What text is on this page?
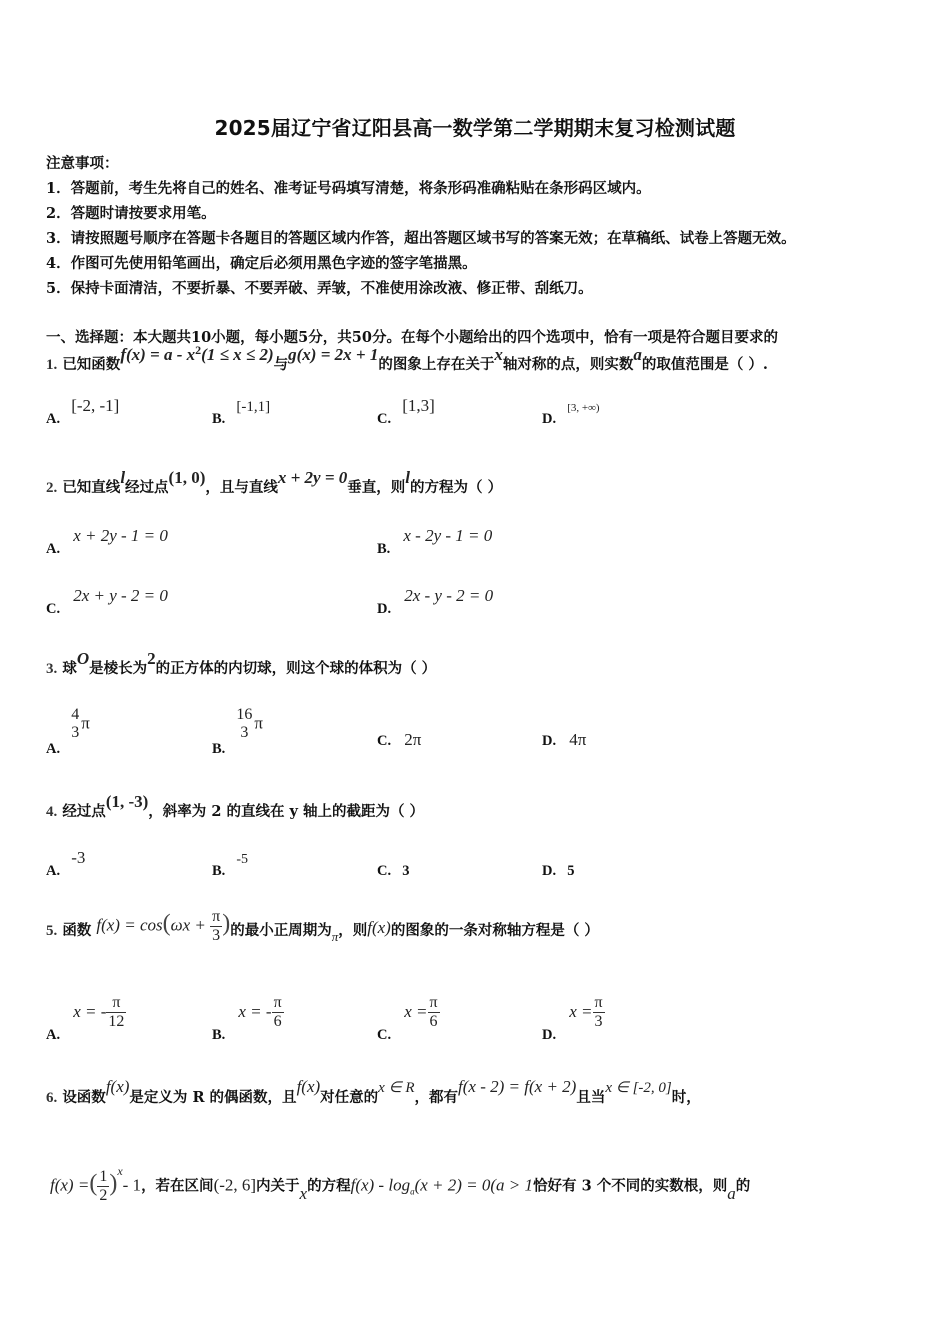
2025届辽宁省辽阳县高一数学第二学期期末复习检测试题
注意事项：
1．答题前，考生先将自己的姓名、准考证号码填写清楚，将条形码准确粘贴在条形码区域内。
2．答题时请按要求用笔。
3．请按照题号顺序在答题卡各题目的答题区域内作答，超出答题区域书写的答案无效；在草稿纸、试卷上答题无效。
4．作图可先使用铅笔画出，确定后必须用黑色字迹的签字笔描黑。
5．保持卡面清洁，不要折暴、不要弄破、弄皱，不准使用涂改液、修正带、刮纸刀。
一、选择题：本大题共10小题，每小题5分，共50分。在每个小题给出的四个选项中，恰有一项是符合题目要求的
1. 已知函数$f(x) = a - x^2(1 \le x \le 2)$与g(x) = 2x + 1的图象上存在关于x轴对称的点，则实数a的取值范围是（ ）.
A. [-2, -1]
B. [-1,1]
C. [1,3]
D. $^{[3, +\infty)}$
2. 已知直线l经过点(1, 0)，且与直线x + 2y = 0垂直，则l的方程为（ ）
A. x + 2y - 1 = 0
B. x - 2y - 1 = 0
C. 2x + y - 2 = 0
D. 2x - y - 2 = 0
3. 球O是棱长为2的正方体的内切球，则这个球的体积为（ ）
A.
4
3 π
B.
16
3 π
C. 2π	D. 4π
4. 经过点(1, -3)，斜率为 2 的直线在 y 轴上的截距为（ ）
A. -3
B. -5
C. 3	D. 5
5. 函数 $f(x) = \cos(\omega x + \frac{\pi}{3}$ )的最小正周期为π，则f(x)的图象的一条对称轴方程是（ ）
A. x = - $\frac{\pi}{12}$
B. x = - $\frac{\pi}{6}$
C. $x = \frac{\pi}{6}$
D. $x = \frac{\pi}{3}$
6. 设函数f(x)是定义为 R 的偶函数，且f(x)对任意的x ∈ R，都有f(x - 2) = f(x + 2)且当x ∈ [-2, 0]时，
f(x) =( $\frac{1}{2} )^x-$ 1，若在区间(-2, 6]内关于x的方程$f(x) - \log_a(x + 2) = 0(a > 1$恰好有 3 个不同的实数根，则a的
